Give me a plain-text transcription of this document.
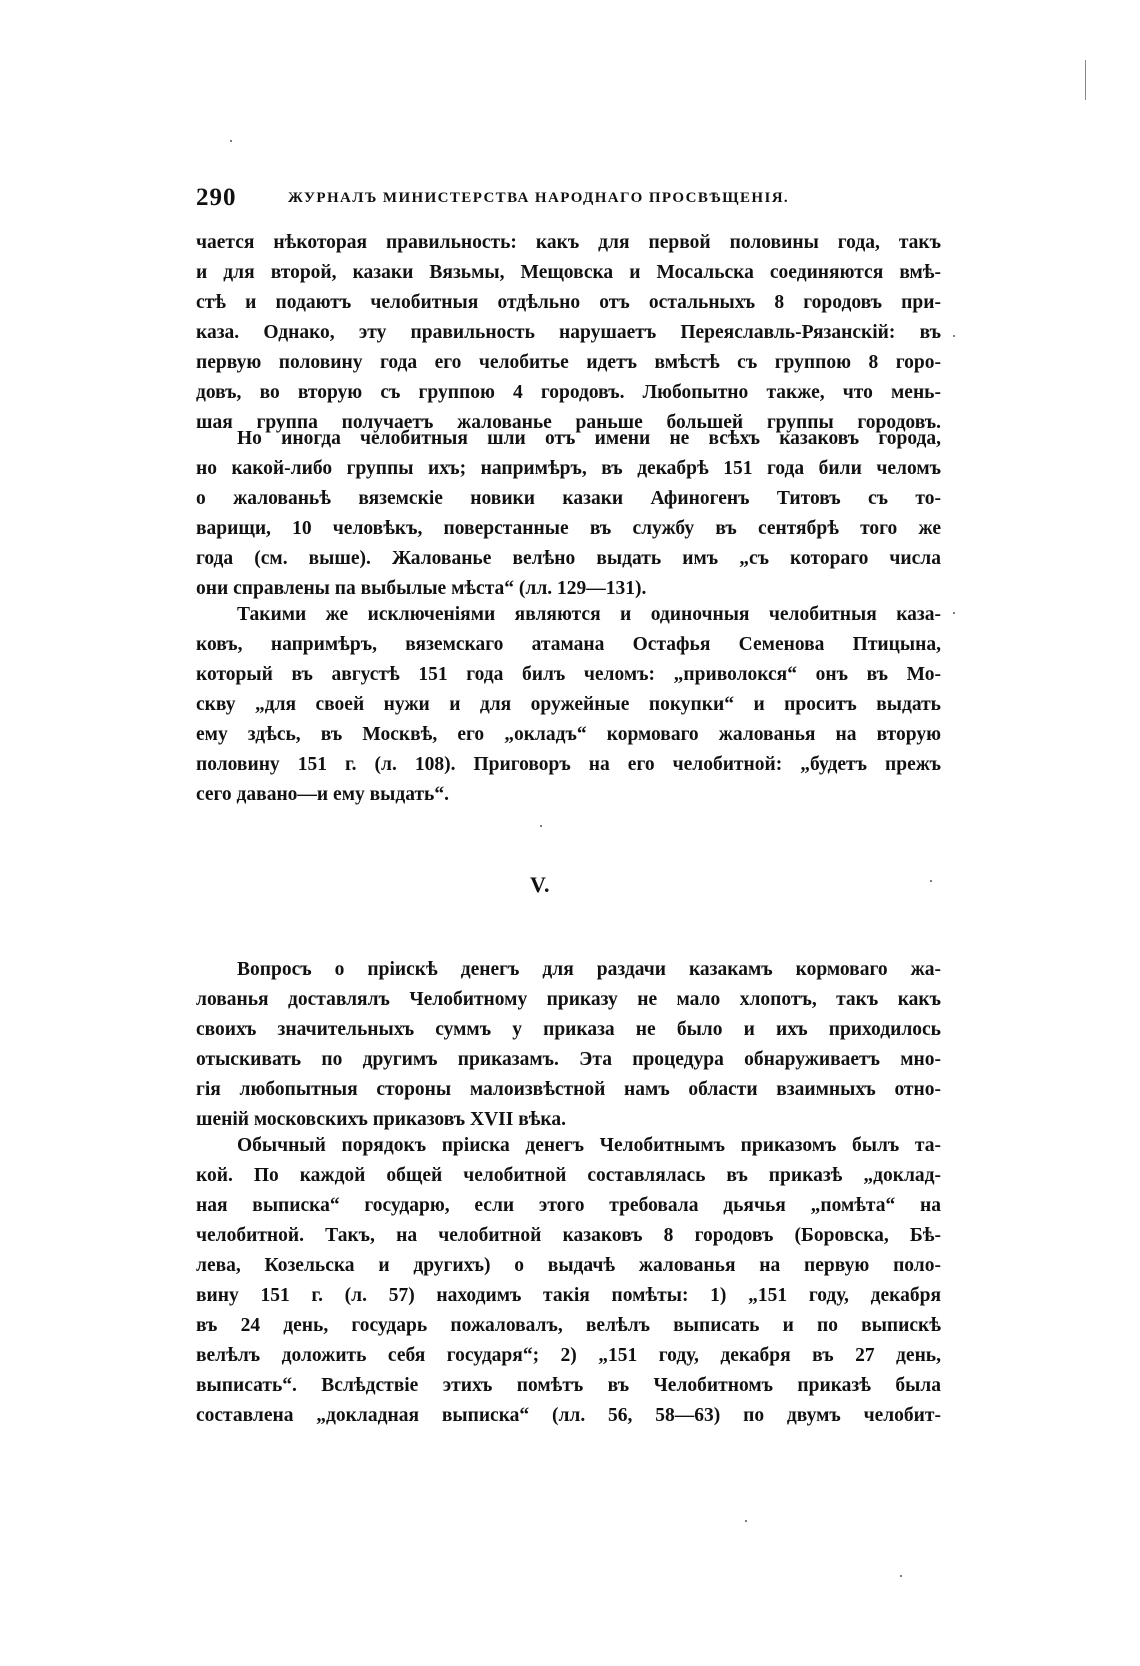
290	ЖУРНАЛЪ МИНИСТЕРСТВА НАРОДНАГО ПРОСВѢЩЕНІЯ.
чается нѣкоторая правильность: какъ для первой половины года, такъ
и для второй, казаки Вязьмы, Мещовска и Мосальска соединяются вмѣ-
стѣ и подаютъ челобитныя отдѣльно отъ остальныхъ 8 городовъ при-
каза. Однако, эту правильность нарушаетъ Переяславль-Рязанскій: въ
первую половину года его челобитье идетъ вмѣстѣ съ группою 8 горо-
довъ, во вторую съ группою 4 городовъ. Любопытно также, что мень-
шая группа получаетъ жалованье раньше большей группы городовъ.
Но иногда челобитныя шли отъ имени не всѣхъ казаковъ города,
но какой-либо группы ихъ; напримѣръ, въ декабрѣ 151 года били челомъ
о жалованьѣ вяземскіе новики казаки Афиногенъ Титовъ съ то-
варищи, 10 человѣкъ, поверстанные въ службу въ сентябрѣ того же
года (см. выше). Жалованье велѣно выдать имъ „съ котораго числа
они справлены па выбылые мѣста“ (лл. 129—131).
Такими же исключеніями являются и одиночныя челобитныя каза-
ковъ, напримѣръ, вяземскаго атамана Остафья Семенова Птицына,
который въ августѣ 151 года билъ челомъ: „приволокся“ онъ въ Мо-
скву „для своей нужи и для оружейные покупки“ и проситъ выдать
ему здѣсь, въ Москвѣ, его „окладъ“ кормоваго жалованья на вторую
половину 151 г. (л. 108). Приговоръ на его челобитной: „будетъ прежъ
сего давано—и ему выдать“.
V.
Вопросъ о пріискѣ денегъ для раздачи казакамъ кормоваго жа-
лованья доставлялъ Челобитному приказу не мало хлопотъ, такъ какъ
своихъ значительныхъ суммъ у приказа не было и ихъ приходилось
отыскивать по другимъ приказамъ. Эта процедура обнаруживаетъ мно-
гія любопытныя стороны малоизвѣстной намъ области взаимныхъ отно-
шеній московскихъ приказовъ XVII вѣка.
Обычный порядокъ пріиска денегъ Челобитнымъ приказомъ былъ та-
кой. По каждой общей челобитной составлялась въ приказѣ „доклад-
ная выписка“ государю, если этого требовала дьячья „помѣта“ на
челобитной. Такъ, на челобитной казаковъ 8 городовъ (Боровска, Бѣ-
лева, Козельска и другихъ) о выдачѣ жалованья на первую поло-
вину 151 г. (л. 57) находимъ такія помѣты: 1) „151 году, декабря
въ 24 день, государь пожаловалъ, велѣлъ выписать и по выпискѣ
велѣлъ доложить себя государя“; 2) „151 году, декабря въ 27 день,
выписать“. Вслѣдствіе этихъ помѣтъ въ Челобитномъ приказѣ была
составлена „докладная выписка“ (лл. 56, 58—63) по двумъ челобит-
